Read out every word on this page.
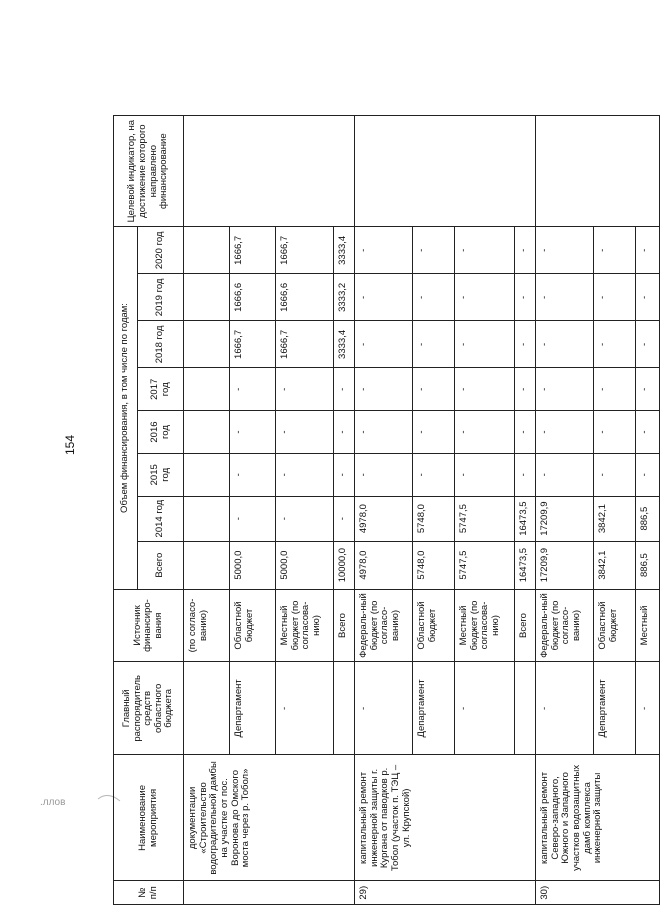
154
.ллов
№ п/п	Наименование мероприятия	Главный распорядитель средств областного бюджета	Источник финансиро-вания	Объем финансирования, в том числе по годам:								Целевой индикатор, на достижение которого направлено финансирование
				Всего	2014 год	2015 год	2016 год	2017 год	2018 год	2019 год	2020 год	
	документации «Строительство водоградительной дамбы на участке от пос. Воронова до Омского моста через р. Тобол»		(по согласо-ванию)									
		Департамент	Областной бюджет	5000,0	-	-	-	-	1666,7	1666,6	1666,7	
		-	Местный бюджет (по согласова-нию)	5000,0	-	-	-	-	1666,7	1666,6	1666,7	
			Всего	10000,0	-	-	-	-	3333,4	3333,2	3333,4	
29)	капитальный ремонт инженерной защиты г. Кургана от паводков р. Тобол (участок п. ТЭЦ – ул. Крупской)	-	Федераль-ный бюджет (по согласо-ванию)	4978,0	4978,0	-	-	-	-	-	-	
		Департамент	Областной бюджет	5748,0	5748,0	-	-	-	-	-	-	
		-	Местный бюджет (по согласова-нию)	5747,5	5747,5	-	-	-	-	-	-	
			Всего	16473,5	16473,5	-	-	-	-	-	-	
30)	капитальный ремонт Северо-западного, Южного и Западного участков водозащитных дамб комплекса инженерной защиты	-	Федераль-ный бюджет (по согласо-ванию)	17209,9	17209,9	-	-	-	-	-	-	
		Департамент	Областной бюджет	3842,1	3842,1	-	-	-	-	-	-	
		-	Местный	886,5	886,5	-	-	-	-	-	-	
